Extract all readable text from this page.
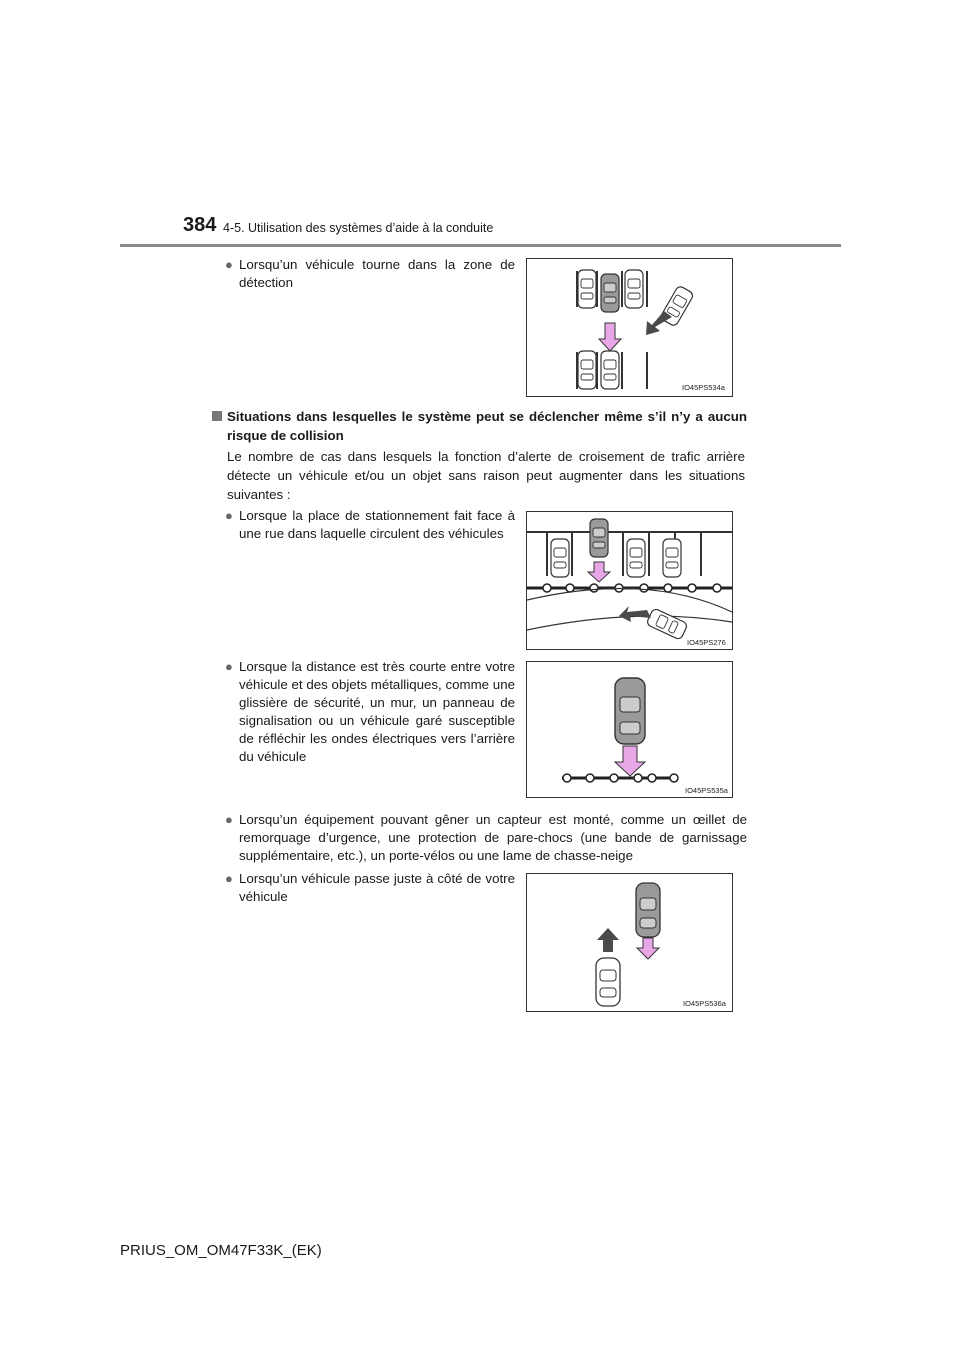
384 4-5. Utilisation des systèmes d’aide à la conduite
● Lorsqu’un véhicule tourne dans la zone de détection
IO45PS534a
Situations dans lesquelles le système peut se déclencher même s’il n’y a aucun risque de collision
Le nombre de cas dans lesquels la fonction d’alerte de croisement de trafic arrière détecte un véhicule et/ou un objet sans raison peut augmenter dans les situations suivantes :
● Lorsque la place de stationnement fait face à une rue dans laquelle circulent des véhicules
IO45PS276
● Lorsque la distance est très courte entre votre véhicule et des objets métalliques, comme une glissière de sécurité, un mur, un panneau de signalisation ou un véhicule garé susceptible de réfléchir les ondes électriques vers l’arrière du véhicule
IO45PS535a
● Lorsqu’un équipement pouvant gêner un capteur est monté, comme un œillet de remorquage d’urgence, une protection de pare-chocs (une bande de garnissage supplémentaire, etc.), un porte-vélos ou une lame de chasse-neige
● Lorsqu’un véhicule passe juste à côté de votre véhicule
IO45PS536a
PRIUS_OM_OM47F33K_(EK)
